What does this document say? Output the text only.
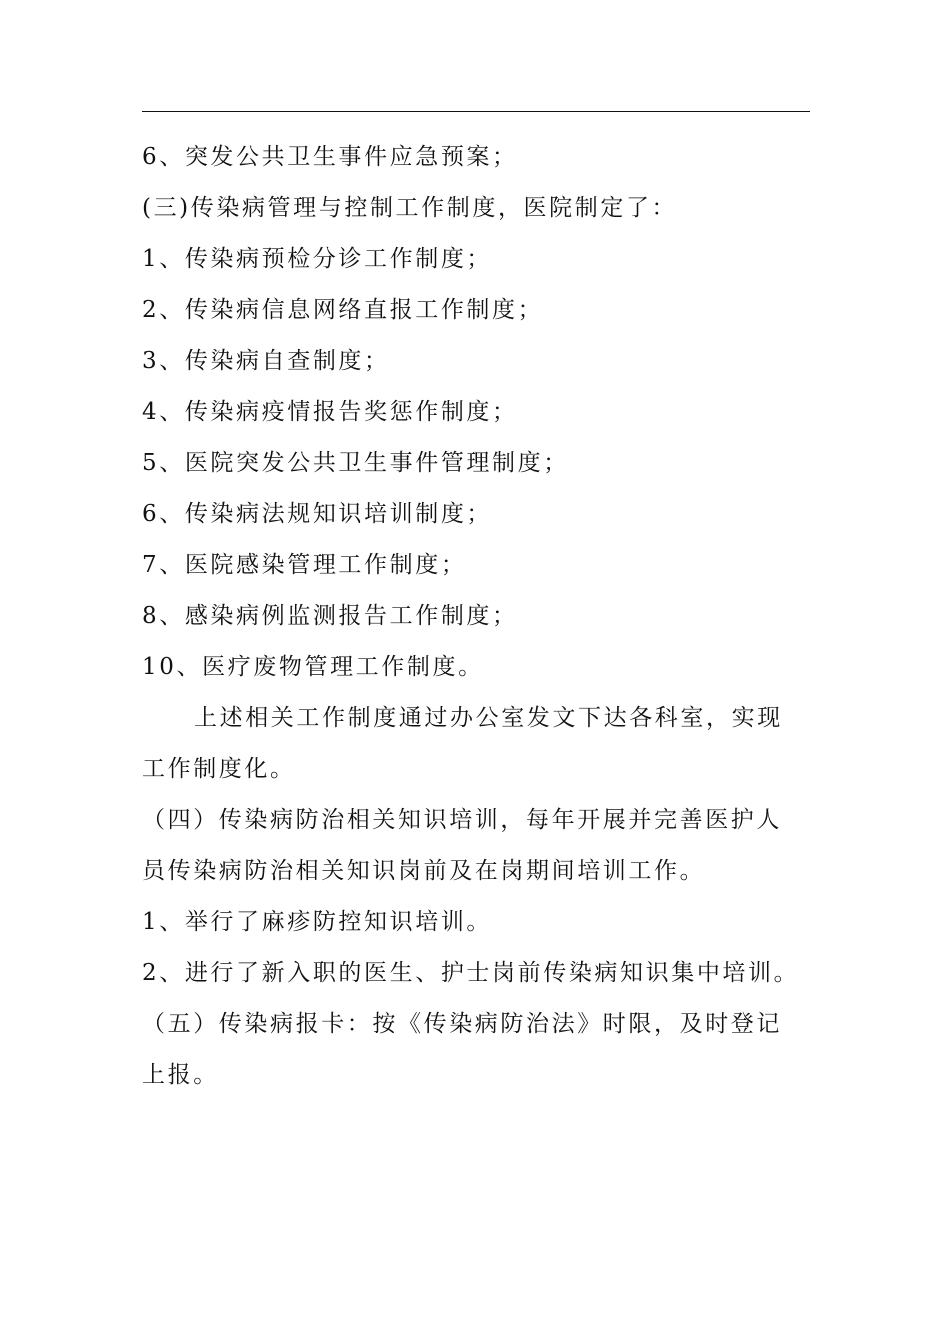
6、突发公共卫生事件应急预案；
(三)传染病管理与控制工作制度，医院制定了：
1、传染病预检分诊工作制度；
2、传染病信息网络直报工作制度；
3、传染病自查制度；
4、传染病疫情报告奖惩作制度；
5、医院突发公共卫生事件管理制度；
6、传染病法规知识培训制度；
7、医院感染管理工作制度；
8、感染病例监测报告工作制度；
10、医疗废物管理工作制度。
上述相关工作制度通过办公室发文下达各科室，实现
工作制度化。
（四）传染病防治相关知识培训，每年开展并完善医护人
员传染病防治相关知识岗前及在岗期间培训工作。
1、举行了麻疹防控知识培训。
2、进行了新入职的医生、护士岗前传染病知识集中培训。
（五）传染病报卡：按《传染病防治法》时限，及时登记
上报。
